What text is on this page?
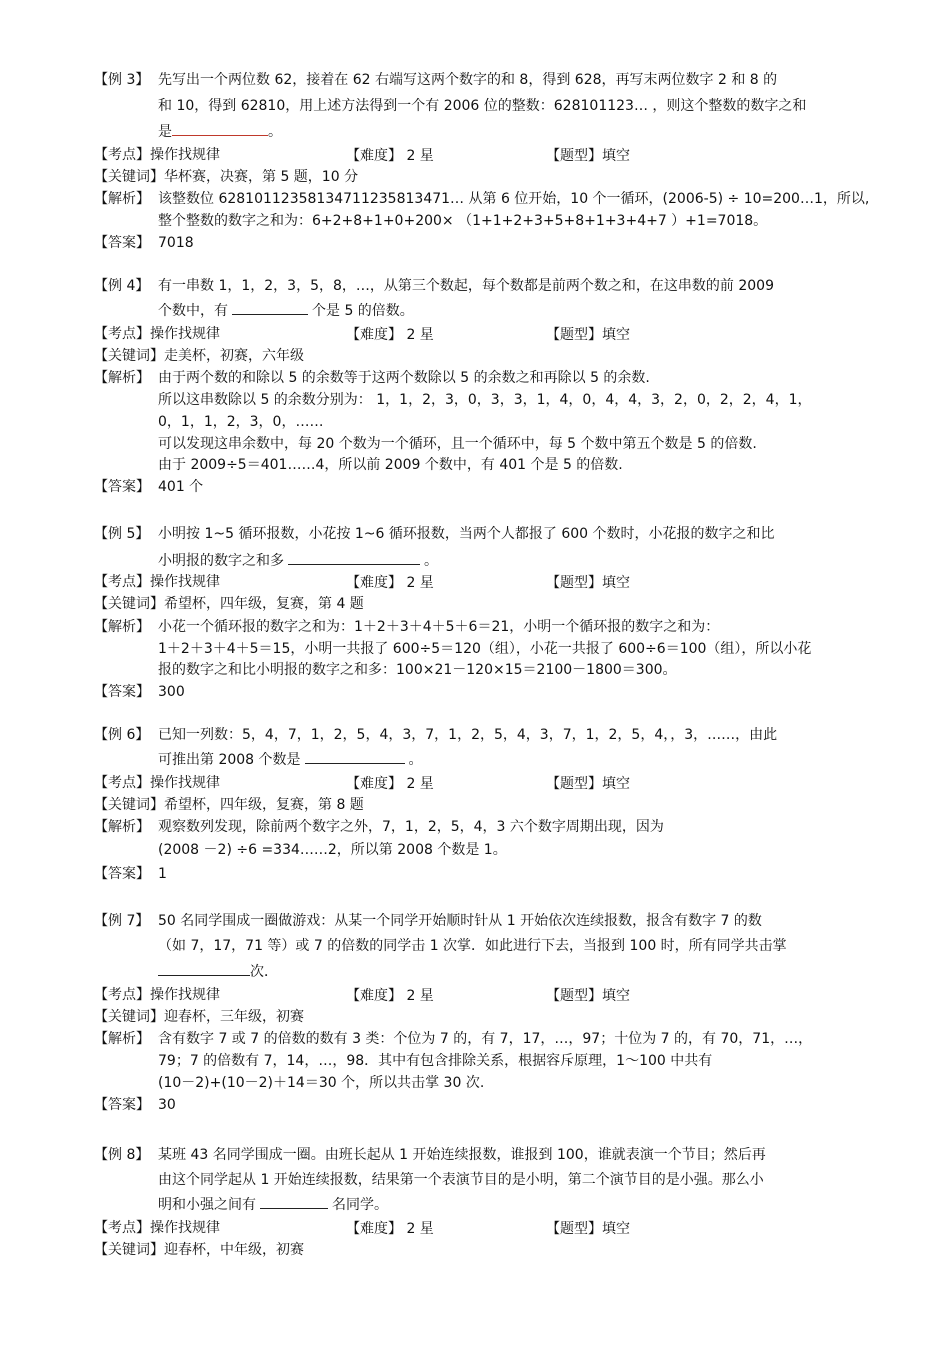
【例 3】 先写出一个两位数 62，接着在 62 右端写这两个数字的和 8，得到 628，再写末两位数字 2 和 8 的
和 10，得到 62810，用上述方法得到一个有 2006 位的整数：628101123… ，则这个整数的数字之和
是	。
【考点】操作找规律	【难度】 2 星	【题型】填空
【关键词】华杯赛，决赛，第 5 题，10 分
【解析】 该整数位 62810112358134711235813471… 从第 6 位开始，10 个一循环，(2006-5) ÷ 10=200…1，所以,
整个整数的数字之和为：6+2+8+1+0+200× （1+1+2+3+5+8+1+3+4+7 ）+1=7018。
【答案】 7018
【例 4】 有一串数 1，1，2，3，5，8，…，从第三个数起，每个数都是前两个数之和，在这串数的前 2009
个数中，有	个是 5 的倍数。
【考点】操作找规律	【难度】 2 星	【题型】填空
【关键词】走美杯，初赛，六年级
【解析】 由于两个数的和除以 5 的余数等于这两个数除以 5 的余数之和再除以 5 的余数.
所以这串数除以 5 的余数分别为： 1，1，2，3，0，3，3，1，4，0，4，4，3，2，0，2，2，4，1，
0，1，1，2，3，0，……
可以发现这串余数中，每 20 个数为一个循环，且一个循环中，每 5 个数中第五个数是 5 的倍数.
由于 2009÷5＝401……4，所以前 2009 个数中，有 401 个是 5 的倍数.
【答案】 401 个
【例 5】 小明按 1~5 循环报数，小花按 1~6 循环报数，当两个人都报了 600 个数时，小花报的数字之和比
小明报的数字之和多	。
【考点】操作找规律	【难度】 2 星	【题型】填空
【关键词】希望杯，四年级，复赛，第 4 题
【解析】 小花一个循环报的数字之和为：1＋2＋3＋4＋5＋6＝21，小明一个循环报的数字之和为：
1＋2＋3＋4＋5＝15，小明一共报了 600÷5＝120（组），小花一共报了 600÷6＝100（组），所以小花
报的数字之和比小明报的数字之和多：100×21－120×15＝2100－1800＝300。
【答案】 300
【例 6】 已知一列数：5，4，7，1，2，5，4，3，7，1，2，5，4，3，7，1，2，5，4，，3，……，由此
可推出第 2008 个数是	。
【考点】操作找规律	【难度】 2 星	【题型】填空
【关键词】希望杯，四年级，复赛，第 8 题
【解析】 观察数列发现，除前两个数字之外，7，1，2，5，4，3 六个数字周期出现，因为
(2008 －2) ÷6 =334……2，所以第 2008 个数是 1。
【答案】 1
【例 7】 50 名同学围成一圈做游戏：从某一个同学开始顺时针从 1 开始依次连续报数，报含有数字 7 的数
（如 7，17，71 等）或 7 的倍数的同学击 1 次掌．如此进行下去，当报到 100 时，所有同学共击掌
次．
【考点】操作找规律	【难度】 2 星	【题型】填空
【关键词】迎春杯，三年级，初赛
【解析】 含有数字 7 或 7 的倍数的数有 3 类：个位为 7 的，有 7，17，…，97；十位为 7 的，有 70，71，…，
79；7 的倍数有 7，14，…，98．其中有包含排除关系，根据容斥原理，1～100 中共有
(10－2)+(10－2)＋14＝30 个，所以共击掌 30 次.
【答案】 30
【例 8】 某班 43 名同学围成一圈。由班长起从 1 开始连续报数，谁报到 100，谁就表演一个节目；然后再
由这个同学起从 1 开始连续报数，结果第一个表演节目的是小明，第二个演节目的是小强。那么小
明和小强之间有	名同学。
【考点】操作找规律	【难度】 2 星	【题型】填空
【关键词】迎春杯，中年级，初赛
